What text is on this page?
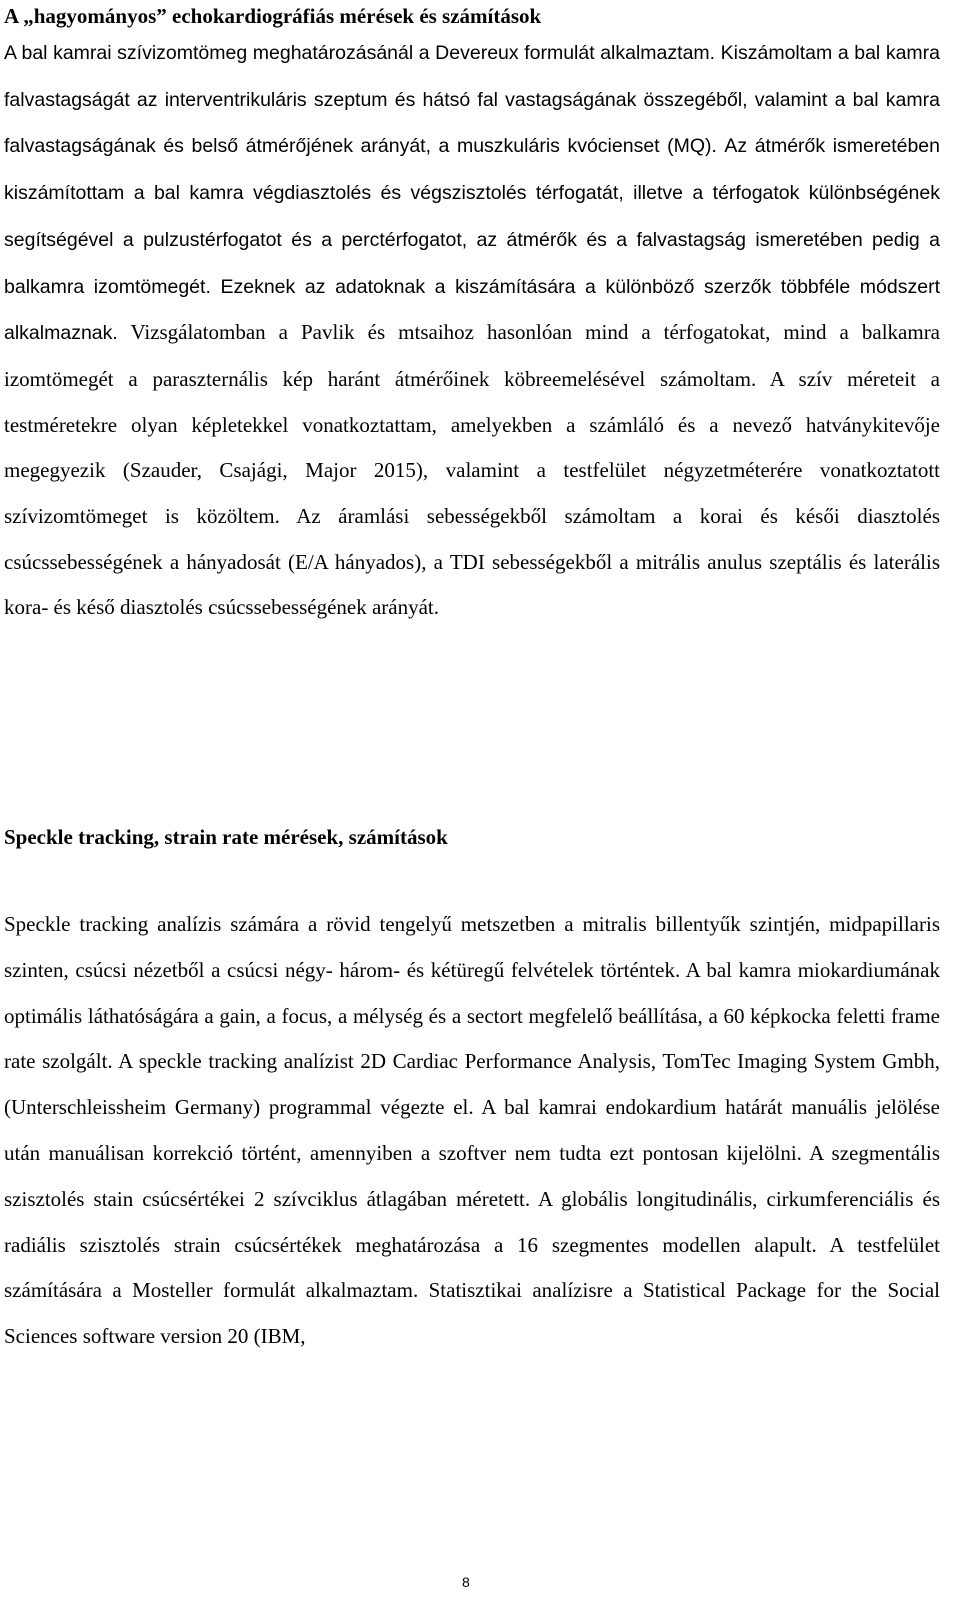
A „hagyományos” echokardiográfiás mérések és számítások

A bal kamrai szívizomtömeg meghatározásánál a Devereux formulát alkalmaztam. Kiszámoltam a bal kamra falvastagságát az interventrikuláris szeptum és hátsó fal vastagságának összegéből, valamint a bal kamra falvastagságának és belső átmérőjének arányát, a muszkuláris kvócienset (MQ). Az átmérők ismeretében kiszámítottam a bal kamra végdiasztolés és végszisztolés térfogatát, illetve a térfogatok különbségének segítségével a pulzustérfogatot és a perctérfogatot, az átmérők és a falvastagság ismeretében pedig a balkamra izomtömegét. Ezeknek az adatoknak a kiszámítására a különböző szerzők többféle módszert alkalmaznak. Vizsgálatomban a Pavlik és mtsaihoz hasonlóan mind a térfogatokat, mind a balkamra izomtömegét a paraszternális kép haránt átmérőinek köbreemelésével számoltam. A szív méreteit a testméretekre olyan képletekkel vonatkoztattam, amelyekben a számláló és a nevező hatványkitevője megegyezik (Szauder, Csajági, Major 2015), valamint a testfelület négyzetméterére vonatkoztatott szívizomtömeget is közöltem. Az áramlási sebességekből számoltam a korai és késői diasztolés csúcssebességének a hányadosát (E/A hányados), a TDI sebességekből a mitrális anulus szeptális és laterális kora- és késő diasztolés csúcssebességének arányát.

Speckle tracking, strain rate mérések, számítások

Speckle tracking analízis számára a rövid tengelyű metszetben a mitralis billentyűk szintjén, midpapillaris szinten, csúcsi nézetből a csúcsi négy- három- és kétüregű felvételek történtek. A bal kamra miokardiumának optimális láthatóságára a gain, a focus, a mélység és a sectort megfelelő beállítása, a 60 képkocka feletti frame rate szolgált. A speckle tracking analízist 2D Cardiac Performance Analysis, TomTec Imaging System Gmbh, (Unterschleissheim Germany) programmal végezte el. A bal kamrai endokardium határát manuális jelölése után manuálisan korrekció történt, amennyiben a szoftver nem tudta ezt pontosan kijelölni. A szegmentális szisztolés stain csúcsértékei 2 szívciklus átlagában méretett. A globális longitudinális, cirkumferenciális és radiális szisztolés strain csúcsértékek meghatározása a 16 szegmentes modellen alapult. A testfelület számítására a Mosteller formulát alkalmaztam. Statisztikai analízisre a Statistical Package for the Social Sciences software version 20 (IBM,

8
